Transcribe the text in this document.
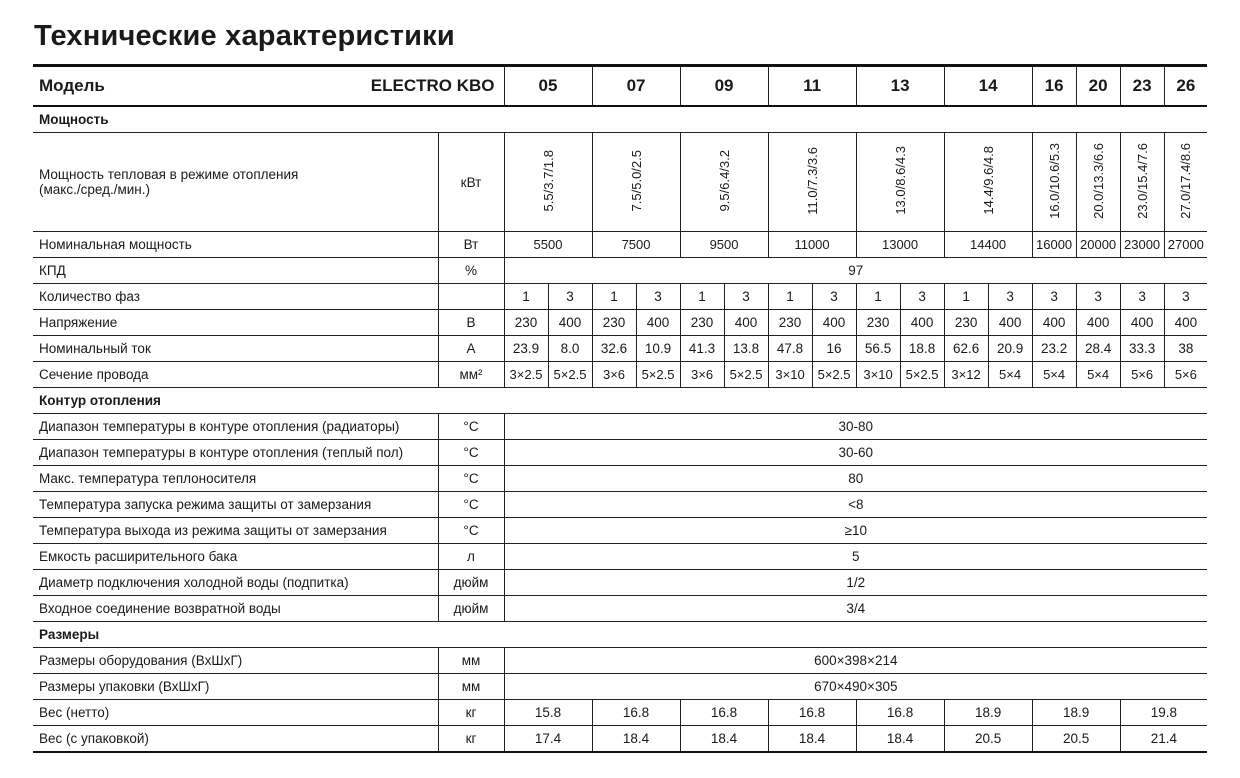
Технические характеристики
Модель ELECTRO KBO		05		07		09		11		13		14		16	20	23	26
Мощность																	
Мощность тепловая в режиме отопления
(макс./сред./мин.)	кВт	5.5/3.7/1.8		7.5/5.0/2.5		9.5/6.4/3.2		11.0/7.3/3.6		13.0/8.6/4.3		14.4/9.6/4.8		16.0/10.6/5.3	20.0/13.3/6.6	23.0/15.4/7.6	27.0/17.4/8.6
Номинальная мощность	Вт	5500		7500		9500		11000		13000		14400		16000	20000	23000	27000
КПД	%	97															
Количество фаз		1	3	1	3	1	3	1	3	1	3	1	3	3	3	3	3
Напряжение	В	230	400	230	400	230	400	230	400	230	400	230	400	400	400	400	400
Номинальный ток	А	23.9	8.0	32.6	10.9	41.3	13.8	47.8	16	56.5	18.8	62.6	20.9	23.2	28.4	33.3	38
Сечение провода	мм²	3×2.5	5×2.5	3×6	5×2.5	3×6	5×2.5	3×10	5×2.5	3×10	5×2.5	3×12	5×4	5×4	5×4	5×6	5×6
Контур отопления																	
Диапазон температуры в контуре отопления (радиаторы)	°C	30-80															
Диапазон температуры в контуре отопления (теплый пол)	°C	30-60															
Макс. температура теплоносителя	°C	80															
Температура запуска режима защиты от замерзания	°C	<8															
Температура выхода из режима защиты от замерзания	°C	≥10															
Емкость расширительного бака	л	5															
Диаметр подключения холодной воды (подпитка)	дюйм	1/2															
Входное соединение возвратной воды	дюйм	3/4															
Размеры																	
Размеры оборудования (ВхШхГ)	мм	600×398×214															
Размеры упаковки (ВхШхГ)	мм	670×490×305															
Вес (нетто)	кг	15.8		16.8		16.8		16.8		16.8		18.9		18.9		19.8	
Вес (с упаковкой)	кг	17.4		18.4		18.4		18.4		18.4		20.5		20.5		21.4	
